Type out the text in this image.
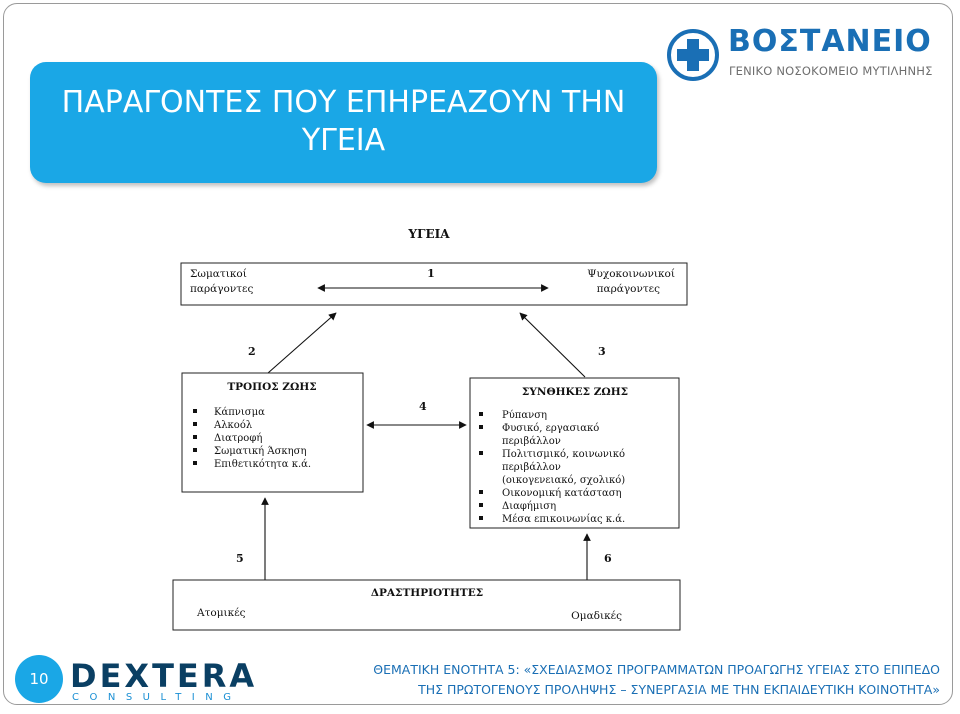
ΠΑΡΑΓΟΝΤΕΣ ΠΟΥ ΕΠΗΡΕΑΖΟΥΝ ΤΗΝ
ΥΓΕΙΑ
ΒΟΣΤΑΝΕΙΟ
ΓΕΝΙΚΟ ΝΟΣΟΚΟΜΕΙΟ ΜΥΤΙΛΗΝΗΣ
ΥΓΕΙΑ
Σωματικοί
παράγοντες
1	Ψυχοκοινωνικοί
παράγοντες
2	3
ΤΡΟΠΟΣ ΖΩΗΣ
Κάπνισμα
Αλκοόλ
Διατροφή
Σωματική Άσκηση
Επιθετικότητα κ.ά.
4
ΣΥΝΘΗΚΕΣ ΖΩΗΣ
Ρύπανση
Φυσικό, εργασιακό
περιβάλλον
Πολιτισμικό, κοινωνικό
περιβάλλον
(οικογενειακό, σχολικό)
Οικονομική κατάσταση
Διαφήμιση
Μέσα επικοινωνίας κ.ά.
5	6
ΔΡΑΣΤΗΡΙΟΤΗΤΕΣ
Ατομικές	Ομαδικές
10 DEXTERA
CONSULTING
ΘΕΜΑΤΙΚΗ ΕΝΟΤΗΤΑ 5: «ΣΧΕΔΙΑΣΜΟΣ ΠΡΟΓΡΑΜΜΑΤΩΝ ΠΡΟΑΓΩΓΗΣ ΥΓΕΙΑΣ ΣΤΟ ΕΠΙΠΕΔΟ
ΤΗΣ ΠΡΩΤΟΓΕΝΟΥΣ ΠΡΟΛΗΨΗΣ – ΣΥΝΕΡΓΑΣΙΑ ΜΕ ΤΗΝ ΕΚΠΑΙΔΕΥΤΙΚΗ ΚΟΙΝΟΤΗΤΑ»
